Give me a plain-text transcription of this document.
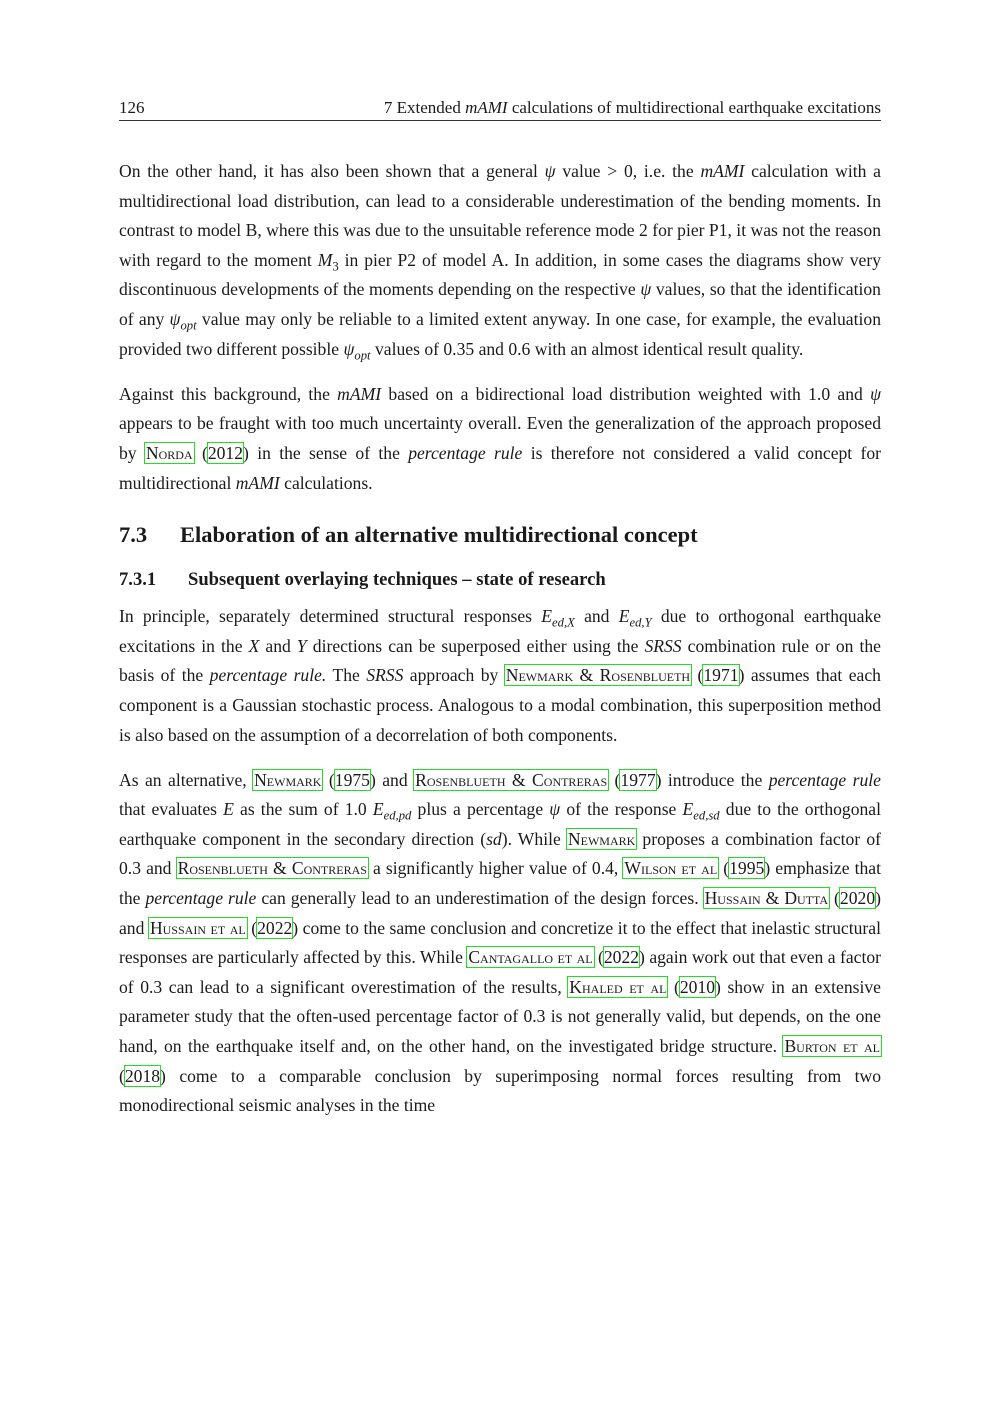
126	7 Extended mAMI calculations of multidirectional earthquake excitations

On the other hand, it has also been shown that a general ψ value > 0, i.e. the mAMI calculation with a multidirectional load distribution, can lead to a considerable underestimation of the bending moments. In contrast to model B, where this was due to the unsuitable reference mode 2 for pier P1, it was not the reason with regard to the moment $M_3$ in pier P2 of model A. In addition, in some cases the diagrams show very discontinuous developments of the moments depending on the respective ψ values, so that the identification of any $\psi_{opt}$ value may only be reliable to a limited extent anyway. In one case, for example, the evaluation provided two different possible $\psi_{opt}$ values of 0.35 and 0.6 with an almost identical result quality.

Against this background, the mAMI based on a bidirectional load distribution weighted with 1.0 and ψ appears to be fraught with too much uncertainty overall. Even the generalization of the approach proposed by Norda (2012) in the sense of the percentage rule is therefore not considered a valid concept for multidirectional mAMI calculations.

7.3 Elaboration of an alternative multidirectional concept
7.3.1 Subsequent overlaying techniques – state of research

In principle, separately determined structural responses $E_{ed,X}$ and $E_{ed,Y}$ due to orthogonal earthquake excitations in the X and Y directions can be superposed either using the SRSS combination rule or on the basis of the percentage rule. The SRSS approach by Newmark & Rosenblueth (1971) assumes that each component is a Gaussian stochastic process. Analogous to a modal combination, this superposition method is also based on the assumption of a decorrelation of both components.

As an alternative, Newmark (1975) and Rosenblueth & Contreras (1977) introduce the percentage rule that evaluates E as the sum of 1.0 $E_{ed,pd}$ plus a percentage ψ of the response $E_{ed,sd}$ due to the orthogonal earthquake component in the secondary direction (sd). While Newmark proposes a combination factor of 0.3 and Rosenblueth & Contreras a significantly higher value of 0.4, Wilson et al (1995) emphasize that the percentage rule can generally lead to an underestimation of the design forces. Hussain & Dutta (2020) and Hussain et al (2022) come to the same conclusion and concretize it to the effect that inelastic structural responses are particularly affected by this. While Cantagallo et al (2022) again work out that even a factor of 0.3 can lead to a significant overestimation of the results, Khaled et al (2010) show in an extensive parameter study that the often-used percentage factor of 0.3 is not generally valid, but depends, on the one hand, on the earthquake itself and, on the other hand, on the investigated bridge structure. Burton et al (2018) come to a comparable conclusion by superimposing normal forces resulting from two monodirectional seismic analyses in the time
